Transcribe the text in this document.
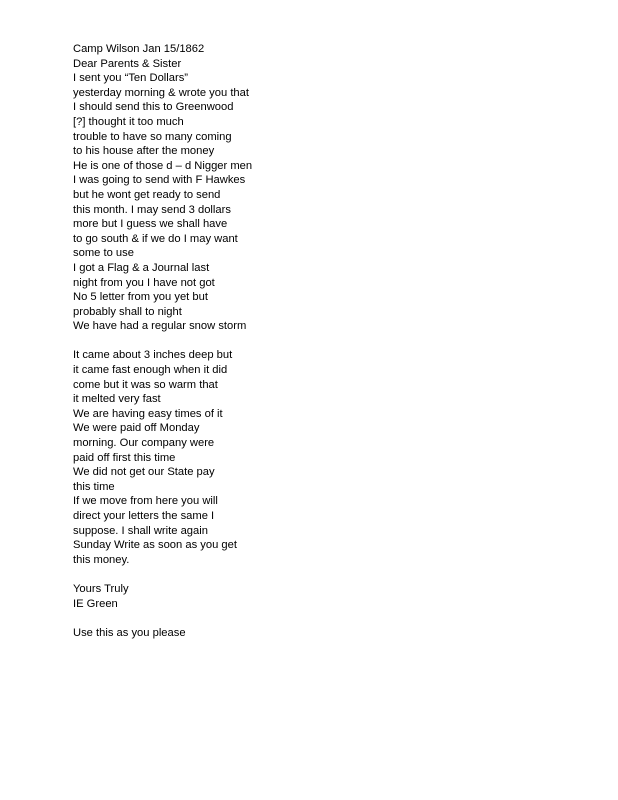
Camp Wilson Jan 15/1862
Dear Parents & Sister
I sent you “Ten Dollars”
yesterday morning & wrote you that
I should send this to Greenwood
[?] thought it too much
trouble to have so many coming
to his house after the money
He is one of those d – d Nigger men
I was going to send with F Hawkes
but he wont get ready to send
this month. I may send 3 dollars
more but I guess we shall have
to go south & if we do I may want
some to use
I got a Flag & a Journal last
night from you I have not got
No 5 letter from you yet but
probably shall to night
We have had a regular snow storm
It came about 3 inches deep but
it came fast enough when it did
come but it was so warm that
it melted very fast
We are having easy times of it
We were paid off Monday
morning. Our company were
paid off first this time
We did not get our State pay
this time
If we move from here you will
direct your letters the same I
suppose. I shall write again
Sunday Write as soon as you get
this money.
Yours Truly
IE Green
Use this as you please
